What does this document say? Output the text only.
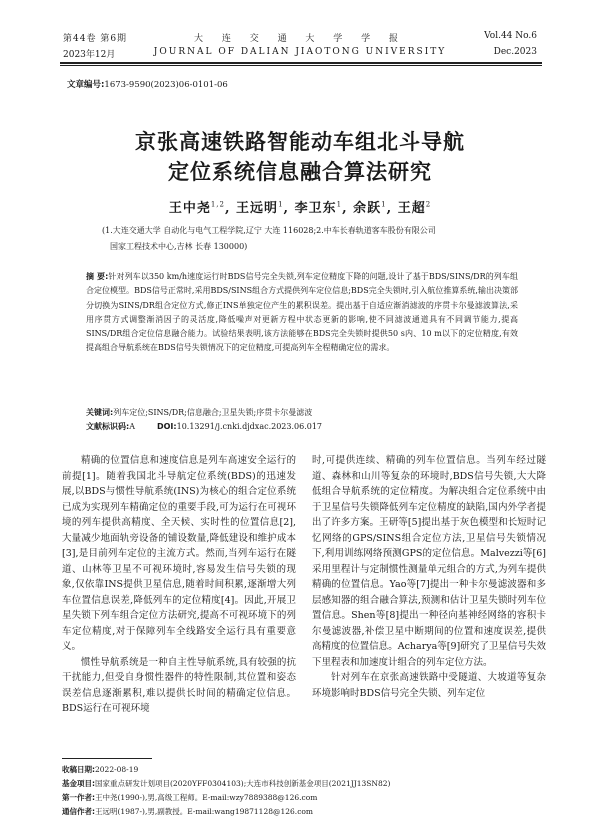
第44卷 第6期
2023年12月
大 连 交 通 大 学 学 报
JOURNAL OF DALIAN JIAOTONG UNIVERSITY
Vol.44 No.6
Dec.2023
文章编号:1673-9590(2023)06-0101-06
京张高速铁路智能动车组北斗导航
定位系统信息融合算法研究
王中尧$^{1,2}$, 王远明$^1$, 李卫东$^1$, 余跃$^1$, 王超$^2$
(1.大连交通大学 自动化与电气工程学院,辽宁 大连 116028;2.中车长春轨道客车股份有限公司
国家工程技术中心,吉林 长春 130000)
摘 要:针对列车以350 km/h速度运行时BDS信号完全失锁,列车定位精度下降的问题,设计了基于BDS/SINS/DR的列车组合定位模型。BDS信号正常时,采用BDS/SINS组合方式提供列车定位信息;BDS完全失锁时,引入航位推算系统,输出决策部分切换为SINS/DR组合定位方式,修正INS单独定位产生的累积误差。提出基于自适应渐消滤波的序贯卡尔曼滤波算法,采用序贯方式调整渐消因子的灵活度,降低噪声对更新方程中状态更新的影响,使不同滤波通道具有不同调节能力,提高SINS/DR组合定位信息融合能力。试验结果表明,该方法能够在BDS完全失锁时提供50 s内、10 m以下的定位精度,有效提高组合导航系统在BDS信号失锁情况下的定位精度,可提高列车全程精确定位的需求。
关键词:列车定位;SINS/DR;信息融合;卫星失锁;序贯卡尔曼滤波
文献标识码:A	DOI:10.13291/j.cnki.djdxac.2023.06.017

精确的位置信息和速度信息是列车高速安全运行的前提[1]。随着我国北斗导航定位系统(BDS)的迅速发展,以BDS与惯性导航系统(INS)为核心的组合定位系统已成为实现列车精确定位的重要手段,可为运行在可视环境的列车提供高精度、全天候、实时性的位置信息[2],大量减少地面轨旁设备的铺设数量,降低建设和维护成本[3],是目前列车定位的主流方式。然而,当列车运行在隧道、山林等卫星不可视环境时,容易发生信号失锁的现象,仅依靠INS提供卫星信息,随着时间积累,逐渐增大列车位置信息误差,降低列车的定位精度[4]。因此,开展卫星失锁下列车组合定位方法研究,提高不可视环境下的列车定位精度,对于保障列车全线路安全运行具有重要意义。

惯性导航系统是一种自主性导航系统,具有较强的抗干扰能力,但受自身惯性器件的特性限制,其位置和姿态误差信息逐渐累积,难以提供长时间的精确定位信息。BDS运行在可视环境

时,可提供连续、精确的列车位置信息。当列车经过隧道、森林和山川等复杂的环境时,BDS信号失锁,大大降低组合导航系统的定位精度。为解决组合定位系统中由于卫星信号失锁降低列车定位精度的缺陷,国内外学者提出了许多方案。王研等[5]提出基于灰色模型和长短时记忆网络的GPS/SINS组合定位方法,卫星信号失锁情况下,利用训练网络预测GPS的定位信息。Malvezzi等[6]采用里程计与定制惯性测量单元组合的方式,为列车提供精确的位置信息。Yao等[7]提出一种卡尔曼滤波器和多层感知器的组合融合算法,预测和估计卫星失锁时列车位置信息。Shen等[8]提出一种径向基神经网络的容积卡尔曼滤波器,补偿卫星中断期间的位置和速度误差,提供高精度的位置信息。Acharya等[9]研究了卫星信号失效下里程表和加速度计组合的列车定位方法。

针对列车在京张高速铁路中受隧道、大坡道等复杂环境影响时BDS信号完全失锁、列车定位

收稿日期:2022-08-19
基金项目:国家重点研发计划项目(2020YFF0304103);大连市科技创新基金项目(2021JJ13SN82)
第一作者:王中尧(1990-),男,高级工程师。E-mail:wzy7889388@126.com
通信作者:王远明(1987-),男,副教授。E-mail:wang19871128@126.com
